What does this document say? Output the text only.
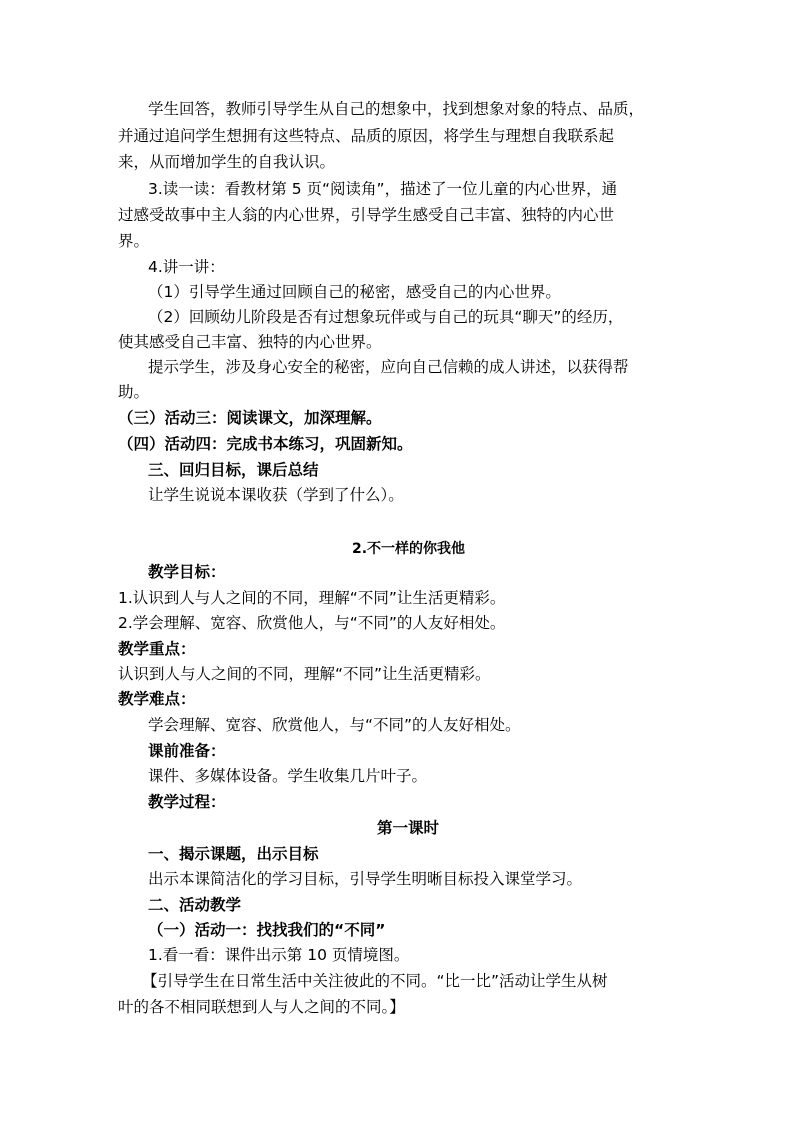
学生回答，教师引导学生从自己的想象中，找到想象对象的特点、品质，

并通过追问学生想拥有这些特点、品质的原因，将学生与理想自我联系起

来，从而增加学生的自我认识。

3.读一读：看教材第 5 页“阅读角”，描述了一位儿童的内心世界，通

过感受故事中主人翁的内心世界，引导学生感受自己丰富、独特的内心世

界。

4.讲一讲：

（1）引导学生通过回顾自己的秘密，感受自己的内心世界。

（2）回顾幼儿阶段是否有过想象玩伴或与自己的玩具“聊天”的经历，

使其感受自己丰富、独特的内心世界。

提示学生，涉及身心安全的秘密，应向自己信赖的成人讲述，以获得帮

助。

（三）活动三：阅读课文，加深理解。

（四）活动四：完成书本练习，巩固新知。

三、回归目标，课后总结

让学生说说本课收获（学到了什么）。

2.不一样的你我他

教学目标：

1.认识到人与人之间的不同，理解“不同”让生活更精彩。

2.学会理解、宽容、欣赏他人，与“不同”的人友好相处。

教学重点：

认识到人与人之间的不同，理解“不同”让生活更精彩。

教学难点：

学会理解、宽容、欣赏他人，与“不同”的人友好相处。

课前准备：

课件、多媒体设备。学生收集几片叶子。

教学过程：

第一课时

一、揭示课题，出示目标

出示本课简洁化的学习目标，引导学生明晰目标投入课堂学习。

二、活动教学

（一）活动一：找找我们的“不同”

1.看一看：课件出示第 10 页情境图。

【引导学生在日常生活中关注彼此的不同。“比一比”活动让学生从树

叶的各不相同联想到人与人之间的不同。】
